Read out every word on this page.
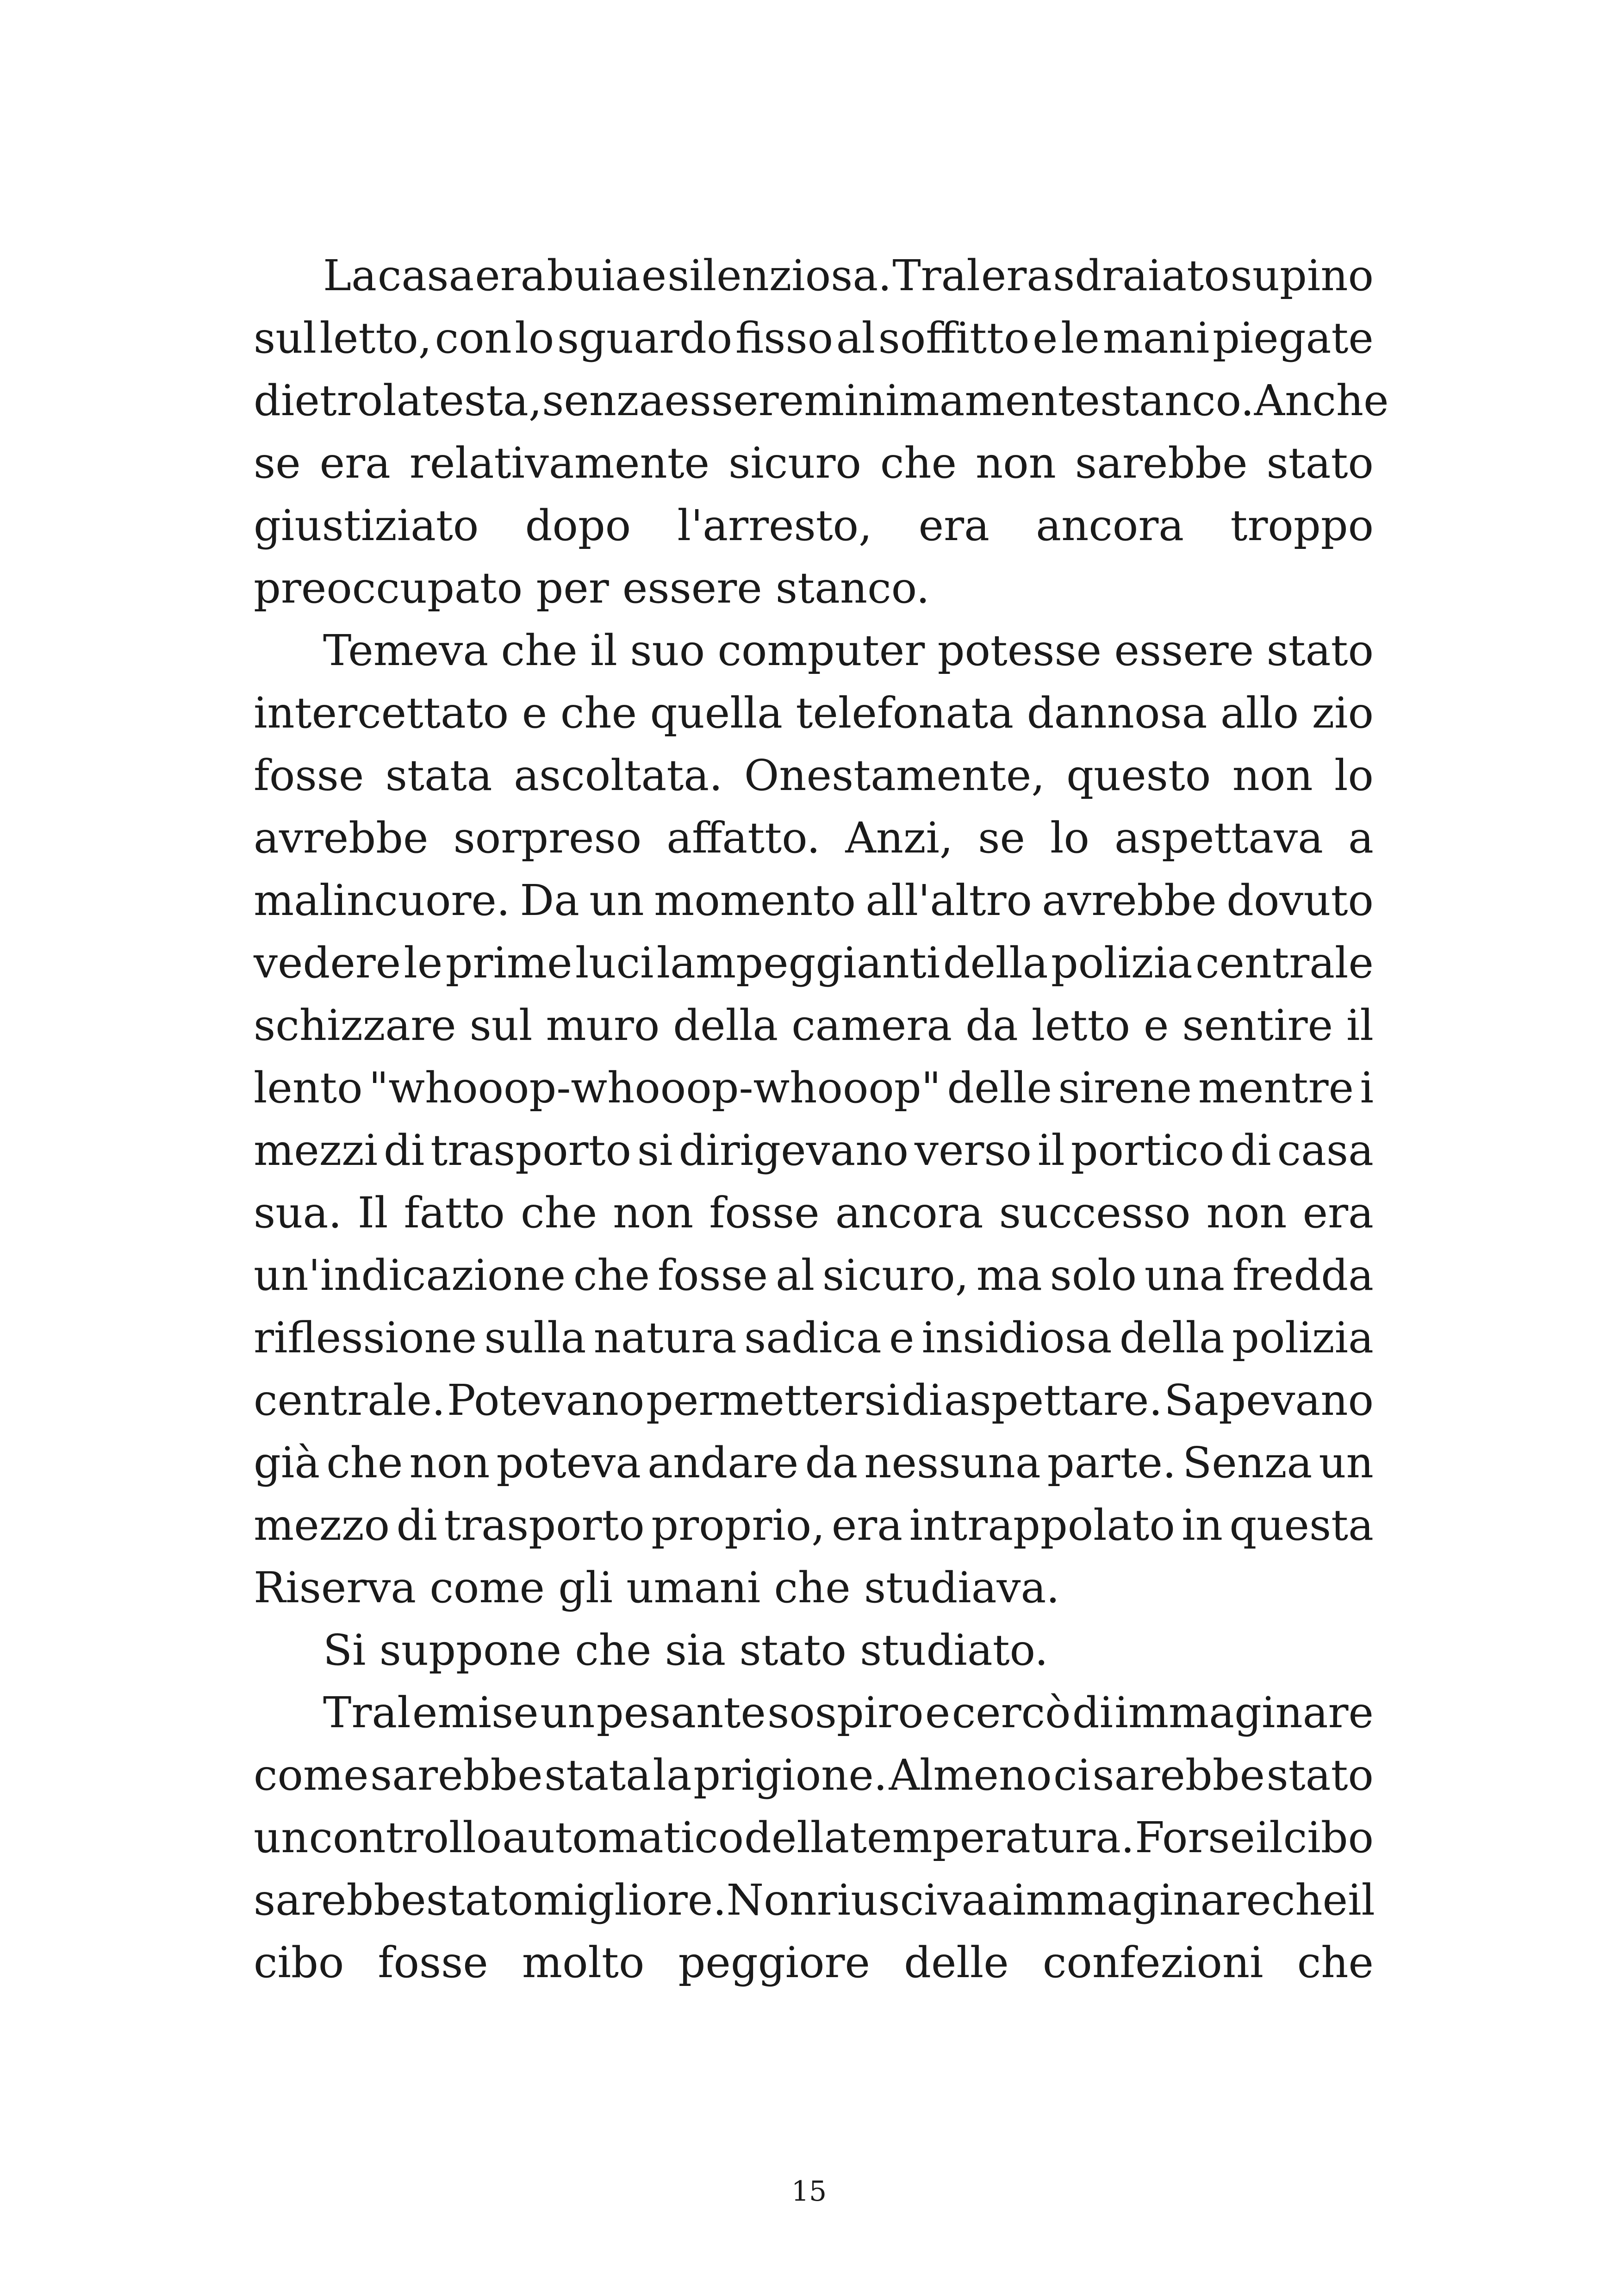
La casa era buia e silenziosa. Tral era sdraiato supino
sul letto, con lo sguardo fisso al soffitto e le mani piegate
dietro la testa, senza essere minimamente stanco. Anche
se era relativamente sicuro che non sarebbe stato
giustiziato dopo l'arresto, era ancora troppo
preoccupato per essere stanco.
Temeva che il suo computer potesse essere stato
intercettato e che quella telefonata dannosa allo zio
fosse stata ascoltata. Onestamente, questo non lo
avrebbe sorpreso affatto. Anzi, se lo aspettava a
malincuore. Da un momento all'altro avrebbe dovuto
vedere le prime luci lampeggianti della polizia centrale
schizzare sul muro della camera da letto e sentire il
lento "whooop-whooop-whooop" delle sirene mentre i
mezzi di trasporto si dirigevano verso il portico di casa
sua. Il fatto che non fosse ancora successo non era
un'indicazione che fosse al sicuro, ma solo una fredda
riflessione sulla natura sadica e insidiosa della polizia
centrale. Potevano permettersi di aspettare. Sapevano
già che non poteva andare da nessuna parte. Senza un
mezzo di trasporto proprio, era intrappolato in questa
Riserva come gli umani che studiava.
Si suppone che sia stato studiato.
Tral emise un pesante sospiro e cercò di immaginare
come sarebbe stata la prigione. Almeno ci sarebbe stato
un controllo automatico della temperatura. Forse il cibo
sarebbe stato migliore. Non riusciva a immaginare che il
cibo fosse molto peggiore delle confezioni che
15
